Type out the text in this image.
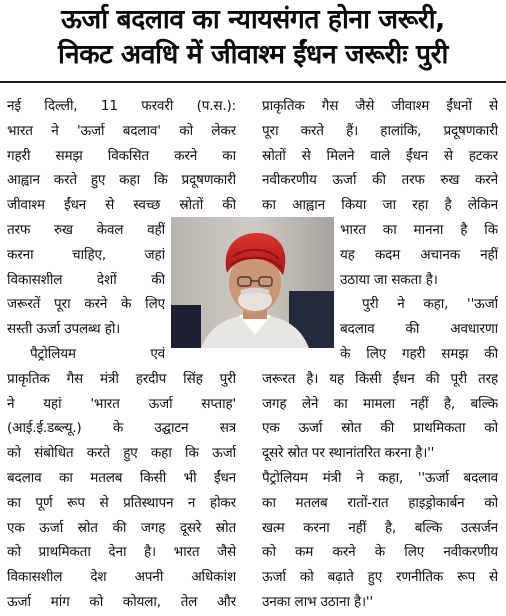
ऊर्जा बदलाव का न्यायसंगत होना जरूरी,
निकट अवधि में जीवाश्म ईंधन जरूरीः पुरी
नई दिल्ली, 11 फरवरी (प.स.):
भारत ने 'ऊर्जा बदलाव' को लेकर
गहरी समझ विकसित करने का
आह्वान करते हुए कहा कि प्रदूषणकारी
जीवाश्म ईंधन से स्वच्छ स्रोतों की
तरफ रुख केवल वहीं
करना चाहिए, जहां
विकासशील देशों की
जरूरतें पूरा करने के लिए
सस्ती ऊर्जा उपलब्ध हो।
पैट्रोलियम एवं
प्राकृतिक गैस मंत्री हरदीप सिंह पुरी
ने यहां 'भारत ऊर्जा सप्ताह'
(आई.ई.डब्ल्यू.) के उद्घाटन सत्र
को संबोधित करते हुए कहा कि ऊर्जा
बदलाव का मतलब किसी भी ईंधन
का पूर्ण रूप से प्रतिस्थापन न होकर
एक ऊर्जा स्रोत की जगह दूसरे स्रोत
को प्राथमिकता देना है। भारत जैसे
विकासशील देश अपनी अधिकांश
ऊर्जा मांग को कोयला, तेल और
प्राकृतिक गैस जैसे जीवाश्म ईंधनों से
पूरा करते हैं। हालांकि, प्रदूषणकारी
स्रोतों से मिलने वाले ईंधन से हटकर
नवीकरणीय ऊर्जा की तरफ रुख करने
का आह्वान किया जा रहा है लेकिन
भारत का मानना है कि
यह कदम अचानक नहीं
उठाया जा सकता है।
पुरी ने कहा, ''ऊर्जा
बदलाव की अवधारणा
के लिए गहरी समझ की
जरूरत है। यह किसी ईंधन की पूरी तरह
जगह लेने का मामला नहीं है, बल्कि
एक ऊर्जा स्रोत की प्राथमिकता को
दूसरे स्रोत पर स्थानांतरित करना है।''
पैट्रोलियम मंत्री ने कहा, ''ऊर्जा बदलाव
का मतलब रातों-रात हाइड्रोकार्बन को
खत्म करना नहीं है, बल्कि उत्सर्जन
को कम करने के लिए नवीकरणीय
ऊर्जा को बढ़ाते हुए रणनीतिक रूप से
उनका लाभ उठाना है।''
